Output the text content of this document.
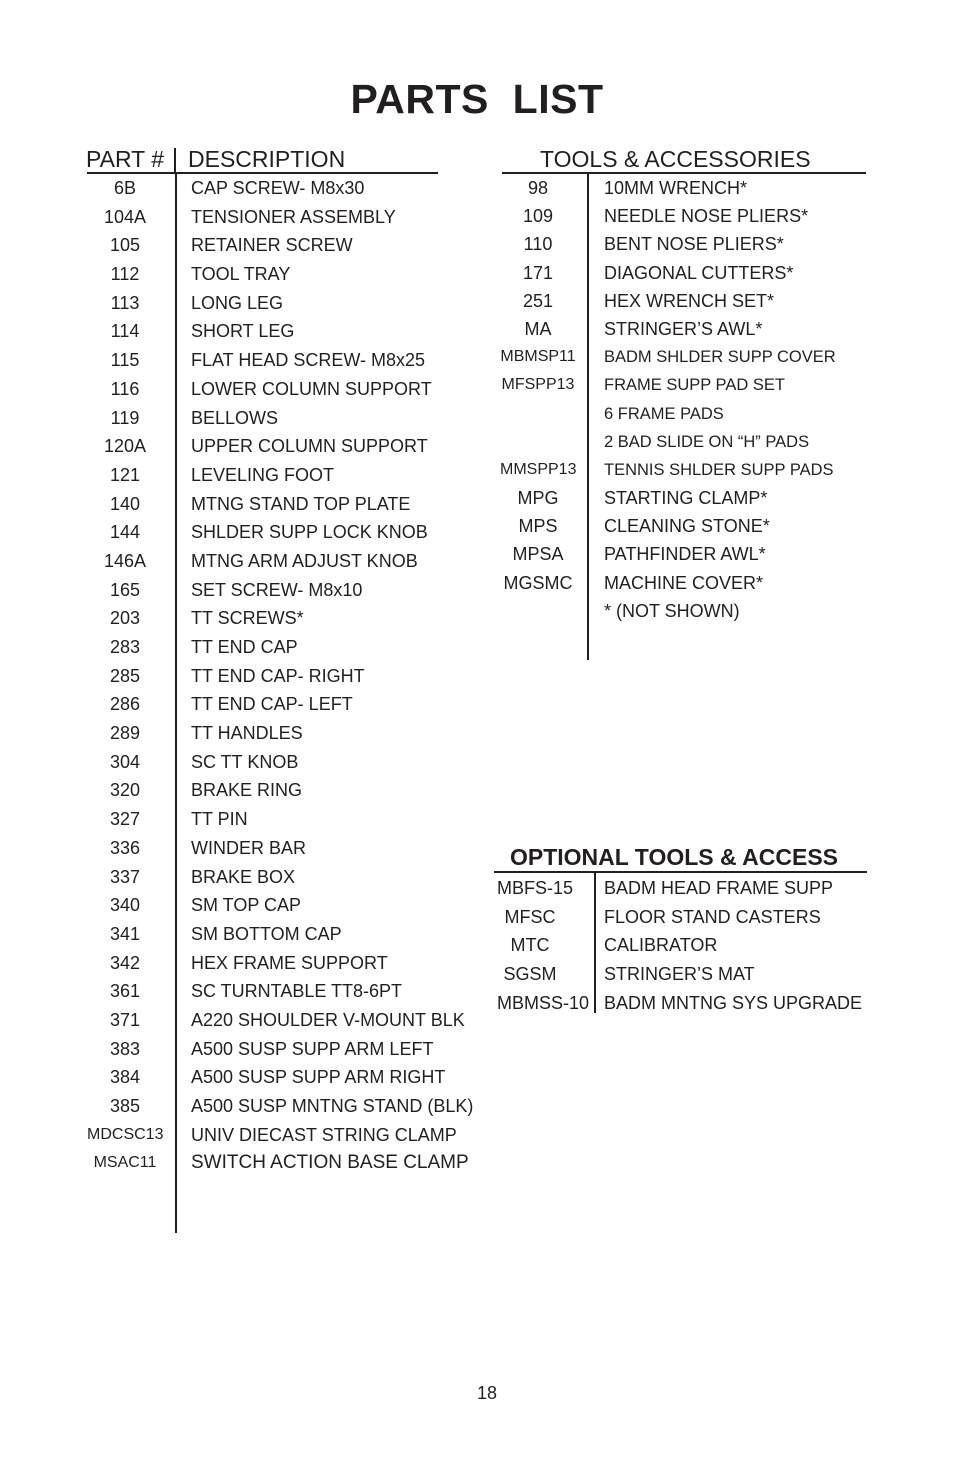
PARTS  LIST
PART # DESCRIPTION
6B	CAP SCREW- M8x30
104A	TENSIONER ASSEMBLY
105	RETAINER SCREW
112	TOOL TRAY
113	LONG LEG
114	SHORT LEG
115	FLAT HEAD SCREW- M8x25
116	LOWER COLUMN SUPPORT
119	BELLOWS
120A	UPPER COLUMN SUPPORT
121	LEVELING FOOT
140	MTNG STAND TOP PLATE
144	SHLDER SUPP LOCK KNOB
146A	MTNG ARM ADJUST KNOB
165	SET SCREW- M8x10
203	TT SCREWS*
283	TT END CAP
285	TT END CAP- RIGHT
286	TT END CAP- LEFT
289	TT HANDLES
304	SC TT KNOB
320	BRAKE RING
327	TT PIN
336	WINDER BAR
337	BRAKE BOX
340	SM TOP CAP
341	SM BOTTOM CAP
342	HEX FRAME SUPPORT
361	SC TURNTABLE TT8-6PT
371	A220 SHOULDER V-MOUNT BLK
383	A500 SUSP SUPP ARM LEFT
384	A500 SUSP SUPP ARM RIGHT
385	A500 SUSP MNTNG STAND (BLK)
MDCSC13 UNIV DIECAST STRING CLAMP
MSAC11	SWITCH ACTION BASE CLAMP
TOOLS & ACCESSORIES
98	10MM WRENCH*
109	NEEDLE NOSE PLIERS*
110	BENT NOSE PLIERS*
171	DIAGONAL CUTTERS*
251	HEX WRENCH SET*
MA	STRINGER’S AWL*
MBMSP11 BADM SHLDER SUPP COVER
MFSPP13 FRAME SUPP PAD SET
6 FRAME PADS
2 BAD SLIDE ON “H” PADS
MMSPP13 TENNIS SHLDER SUPP PADS
MPG	STARTING CLAMP*
MPS	CLEANING STONE*
MPSA	PATHFINDER AWL*
MGSMC MACHINE COVER*
* (NOT SHOWN)
OPTIONAL TOOLS & ACCESS
MBFS-15 BADM HEAD FRAME SUPP
MFSC	FLOOR STAND CASTERS
MTC	CALIBRATOR
SGSM	STRINGER’S MAT
MBMSS-10 BADM MNTNG SYS UPGRADE
18
